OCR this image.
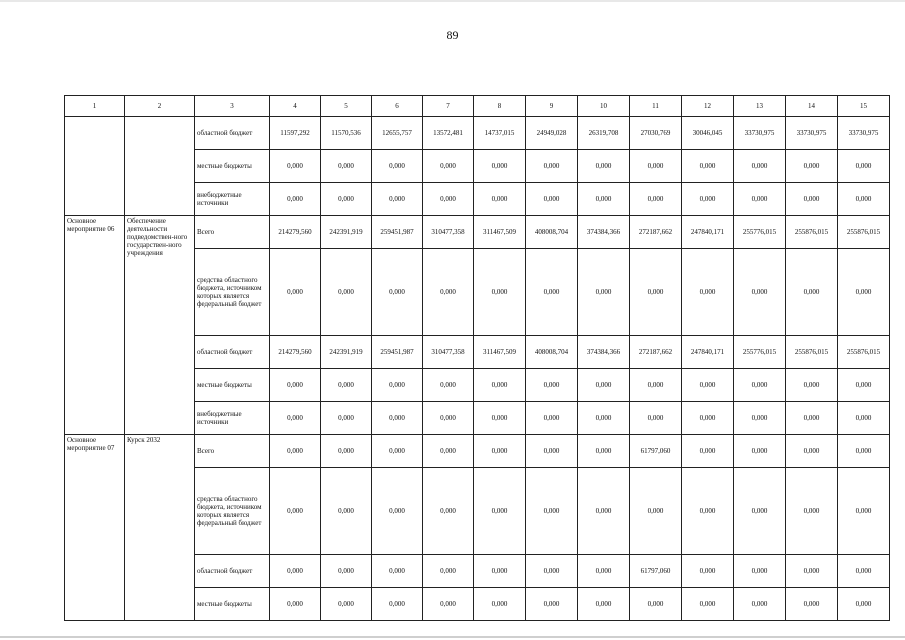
89
1	2	3	4	5	6	7	8	9	10	11	12	13	14	15
		областной бюджет	11597,292	11570,536	12655,757	13572,481	14737,015	24949,028	26319,708	27030,769	30046,045	33730,975	33730,975	33730,975
		местные бюджеты	0,000	0,000	0,000	0,000	0,000	0,000	0,000	0,000	0,000	0,000	0,000	0,000
		внебюджетные источники	0,000	0,000	0,000	0,000	0,000	0,000	0,000	0,000	0,000	0,000	0,000	0,000
Основное мероприятие 06	Обеспечение деятельности подведомствен-ного государствен-ного учреждения	Всего	214279,560	242391,919	259451,987	310477,358	311467,509	408008,704	374384,366	272187,662	247840,171	255776,015	255876,015	255876,015
		средства областного бюджета, источником которых является федеральный бюджет	0,000	0,000	0,000	0,000	0,000	0,000	0,000	0,000	0,000	0,000	0,000	0,000
		областной бюджет	214279,560	242391,919	259451,987	310477,358	311467,509	408008,704	374384,366	272187,662	247840,171	255776,015	255876,015	255876,015
		местные бюджеты	0,000	0,000	0,000	0,000	0,000	0,000	0,000	0,000	0,000	0,000	0,000	0,000
		внебюджетные источники	0,000	0,000	0,000	0,000	0,000	0,000	0,000	0,000	0,000	0,000	0,000	0,000
Основное мероприятие 07	Курск 2032	Всего	0,000	0,000	0,000	0,000	0,000	0,000	0,000	61797,060	0,000	0,000	0,000	0,000
		средства областного бюджета, источником которых является федеральный бюджет	0,000	0,000	0,000	0,000	0,000	0,000	0,000	0,000	0,000	0,000	0,000	0,000
		областной бюджет	0,000	0,000	0,000	0,000	0,000	0,000	0,000	61797,060	0,000	0,000	0,000	0,000
		местные бюджеты	0,000	0,000	0,000	0,000	0,000	0,000	0,000	0,000	0,000	0,000	0,000	0,000
